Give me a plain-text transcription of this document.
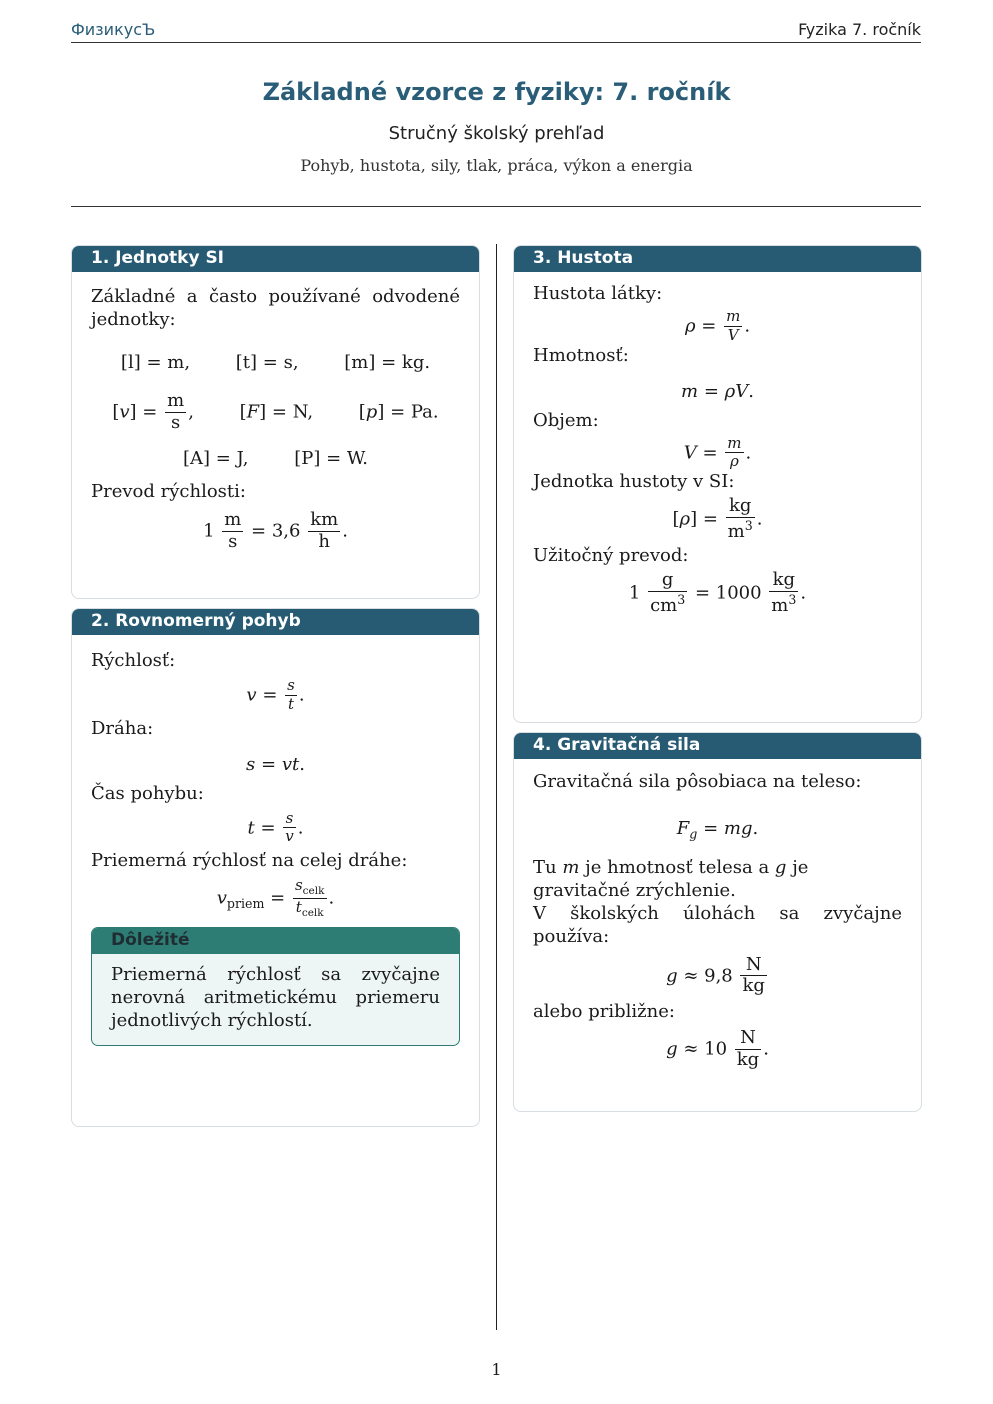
ФизикусЪ	Fyzika 7. ročník
Základné vzorce z fyziky: 7. ročník
Stručný školský prehľad
Pohyb, hustota, sily, tlak, práca, výkon a energia
1. Jednotky SI

Základné a často používané odvodené jednotky:

[l] = m,	[t] = s,	[m] = kg.
$[v] = \frac{m}{s}$ , [F] = N, [p] = Pa.
[A] = J,	[P] = W.

Prevod rýchlosti:

$1 \frac{m}{s} = 3,6 \frac{km}{h}$ .
2. Rovnomerný pohyb

Rýchlosť:

$v = \frac{s}{t}$ .

Dráha:

s = vt.

Čas pohybu:

$t = \frac{s}{v}$ .

Priemerná rýchlosť na celej dráhe:

$v_{priem} = \frac{s_{celk}}{t_{celk}}$ .
Dôležité
Priemerná rýchlosť sa zvyčajne nerovná aritmetickému priemeru jednotlivých rýchlostí.
3. Hustota

Hustota látky:

$\rho = \frac{m}{V}$ .

Hmotnosť:

m = ρV.

Objem:

$V = \frac{m}{\rho}$ .

Jednotka hustoty v SI:

$[\rho] = \frac{kg}{m^3}$ .

Užitočný prevod:

$1 \frac{g}{cm^3} = 1000 \frac{kg}{m^3}$ .
4. Gravitačná sila

Gravitačná sila pôsobiaca na teleso:

$F_g$ = mg.

Tu m je hmotnosť telesa a g je gravitačné zrýchlenie.

V školských úlohách sa zvyčajne používa:

$g \approx 9,8 \frac{N}{kg}$

alebo približne:

$g \approx 10 \frac{N}{kg}$ .
1
